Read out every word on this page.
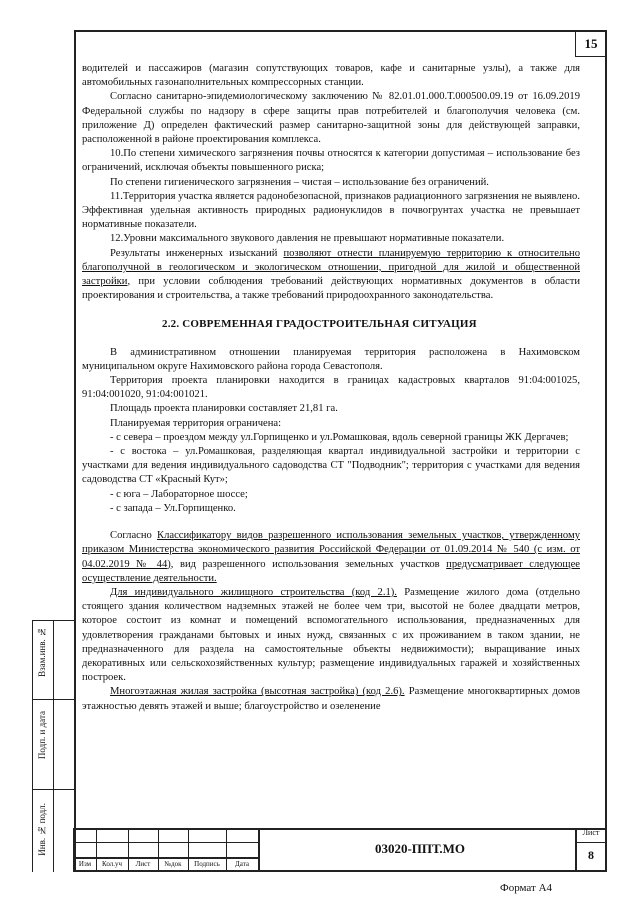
15

водителей и пассажиров (магазин сопутствующих товаров, кафе и санитарные узлы), а также для автомобильных газонаполнительных компрессорных станции.

Согласно санитарно-эпидемиологическому заключению № 82.01.01.000.Т.000500.09.19 от 16.09.2019 Федеральной службы по надзору в сфере защиты прав потребителей и благополучия человека (см. приложение Д) определен фактический размер санитарно-защитной зоны для действующей заправки, расположенной в районе проектирования комплекса.

10.По степени химического загрязнения почвы относятся к категории допустимая – использование без ограничений, исключая объекты повышенного риска;

По степени гигиенического загрязнения – чистая – использование без ограничений.

11.Территория участка является радонобезопасной, признаков радиационного загрязнения не выявлено. Эффективная удельная активность природных радионуклидов в почвогрунтах участка не превышает нормативные показатели.

12.Уровни максимального звукового давления не превышают нормативные показатели.

Результаты инженерных изысканий позволяют отнести планируемую территорию к относительно благополучной в геологическом и экологическом отношении, пригодной для жилой и общественной застройки, при условии соблюдения требований действующих нормативных документов в области проектирования и строительства, а также требований природоохранного законодательства.

2.2. СОВРЕМЕННАЯ ГРАДОСТРОИТЕЛЬНАЯ СИТУАЦИЯ

В административном отношении планируемая территория расположена в Нахимовском муниципальном округе Нахимовского района города Севастополя.

Территория проекта планировки находится в границах кадастровых кварталов 91:04:001025, 91:04:001020, 91:04:001021.

Площадь проекта планировки составляет 21,81 га.

Планируемая территория ограничена:

- с севера – проездом между ул.Горпищенко и ул.Ромашковая, вдоль северной границы ЖК Дергачев;

- с востока – ул.Ромашковая, разделяющая квартал индивидуальной застройки и территории с участками для ведения индивидуального садоводства СТ "Подводник"; территория с участками для ведения садоводства СТ «Красный Кут»;

- с юга – Лабораторное шоссе;

- с запада – Ул.Горпищенко.

Согласно Классификатору видов разрешенного использования земельных участков, утвержденному приказом Министерства экономического развития Российской Федерации от 01.09.2014 № 540 (с изм. от 04.02.2019 № 44), вид разрешенного использования земельных участков предусматривает следующее осуществление деятельности.

Для индивидуального жилищного строительства (код 2.1). Размещение жилого дома (отдельно стоящего здания количеством надземных этажей не более чем три, высотой не более двадцати метров, которое состоит из комнат и помещений вспомогательного использования, предназначенных для удовлетворения гражданами бытовых и иных нужд, связанных с их проживанием в таком здании, не предназначенного для раздела на самостоятельные объекты недвижимости); выращивание иных декоративных или сельскохозяйственных культур; размещение индивидуальных гаражей и хозяйственных построек.

Многоэтажная жилая застройка (высотная застройка) (код 2.6). Размещение многоквартирных домов этажностью девять этажей и выше; благоустройство и озеленение

Взам.инв. №
Подп. и дата
Инв. № подл.
Изм	Кол.уч	Лист	№док	Подпись	Дата
03020-ППТ.МО
Лист
8
Формат А4
